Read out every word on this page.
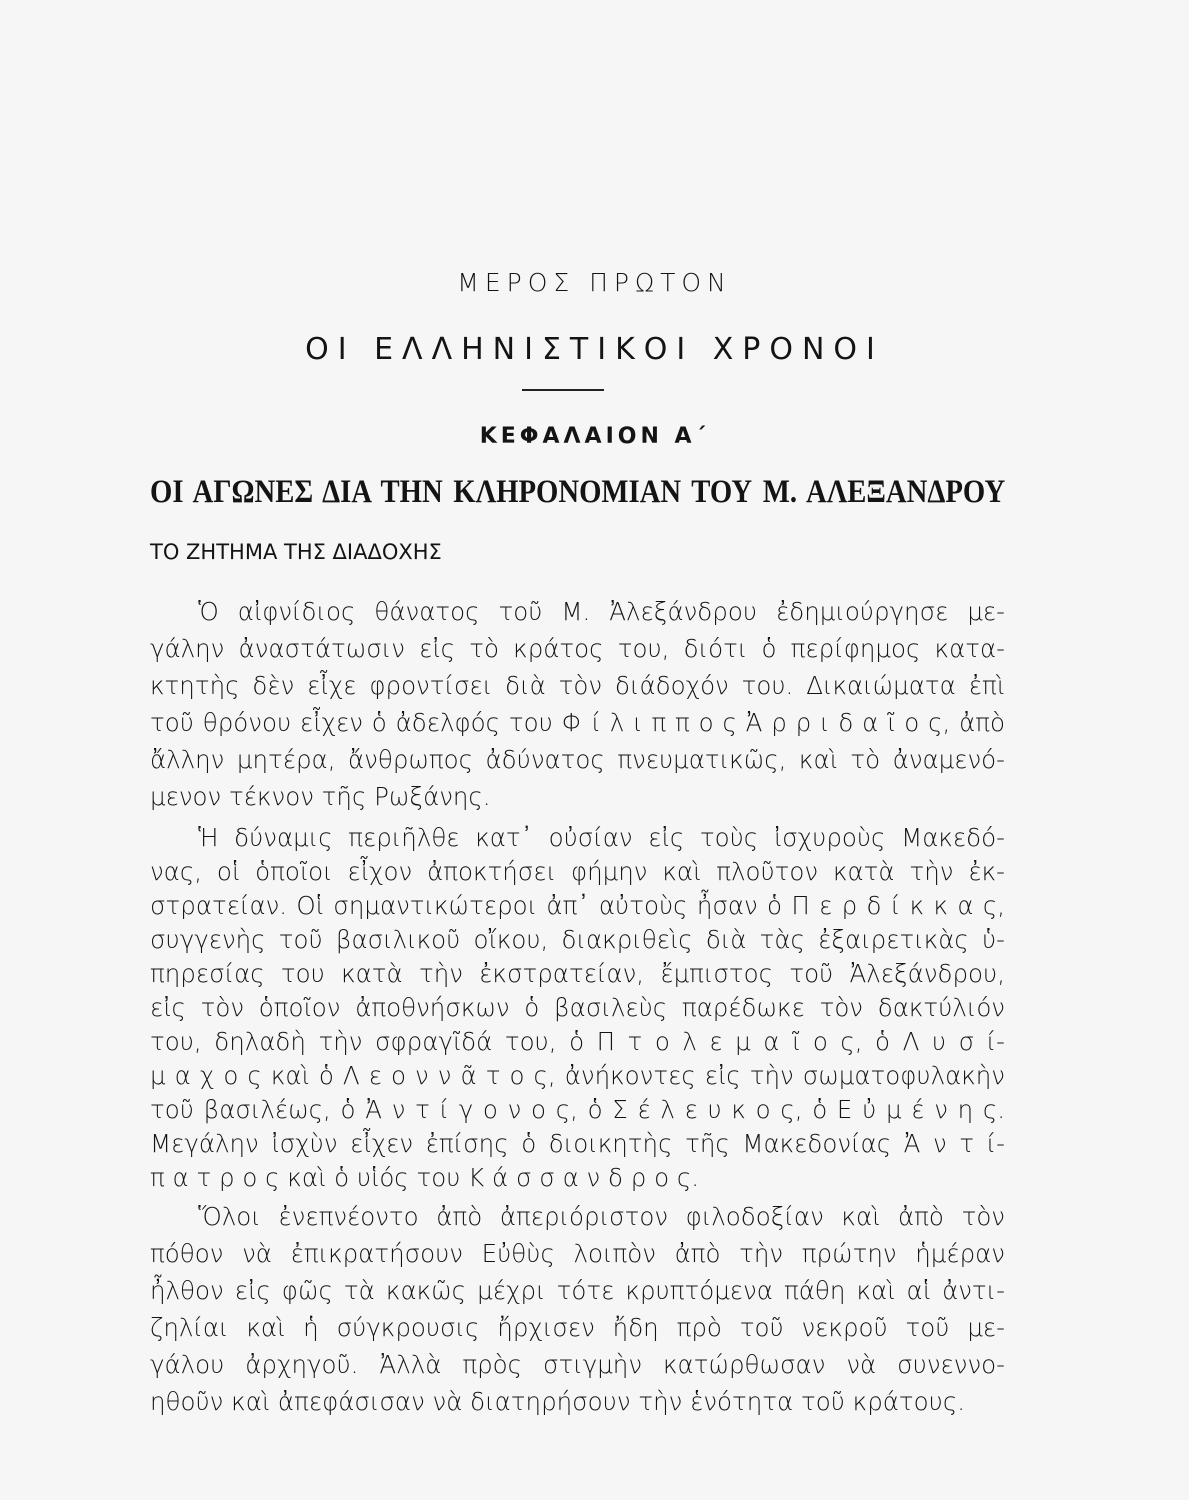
ΜΕΡΟΣ ΠΡΩΤΟΝ
ΟΙ ΕΛΛΗΝΙΣΤΙΚΟΙ ΧΡΟΝΟΙ
ΚΕΦΑΛΑΙΟΝ Α΄
ΟΙ ΑΓΩΝΕΣ ΔΙΑ ΤΗΝ ΚΛΗΡΟΝΟΜΙΑΝ ΤΟΥ Μ. ΑΛΕΞΑΝΔΡΟΥ
ΤΟ ΖΗΤΗΜΑ ΤΗΣ ΔΙΑΔΟΧΗΣ
Ὁ αἰφνίδιος θάνατος τοῦ Μ. Ἀλεξάνδρου ἐδημιούργησε με-
γάλην ἀναστάτωσιν εἰς τὸ κράτος του, διότι ὁ περίφημος κατα-
κτητὴς δὲν εἶχε φροντίσει διὰ τὸν διάδοχόν του. Δικαιώματα ἐπὶ
τοῦ θρόνου εἶχεν ὁ ἀδελφός του Φ ί λ ι π π ο ς Ἀ ρ ρ ι δ α ῖ ο ς, ἀπὸ
ἄλλην μητέρα, ἄνθρωπος ἀδύνατος πνευματικῶς, καὶ τὸ ἀναμενό-
μενον τέκνον τῆς Ρωξάνης.
Ἡ δύναμις περιῆλθε κατ᾽ οὐσίαν εἰς τοὺς ἰσχυροὺς Μακεδό-
νας, οἱ ὁποῖοι εἶχον ἀποκτήσει φήμην καὶ πλοῦτον κατὰ τὴν ἐκ-
στρατείαν. Οἱ σημαντικώτεροι ἀπ᾽ αὐτοὺς ἦσαν ὁ Π ε ρ δ ί κ κ α ς,
συγγενὴς τοῦ βασιλικοῦ οἴκου, διακριθεὶς διὰ τὰς ἐξαιρετικὰς ὑ-
πηρεσίας του κατὰ τὴν ἐκστρατείαν, ἔμπιστος τοῦ Ἀλεξάνδρου,
εἰς τὸν ὁποῖον ἀποθνήσκων ὁ βασιλεὺς παρέδωκε τὸν δακτύλιόν
του, δηλαδὴ τὴν σφραγῖδά του, ὁ Π τ ο λ ε μ α ῖ ο ς, ὁ Λ υ σ ί-
μ α χ ο ς καὶ ὁ Λ ε ο ν ν ᾶ τ ο ς, ἀνήκοντες εἰς τὴν σωματοφυλακὴν
τοῦ βασιλέως, ὁ Ἀ ν τ ί γ ο ν ο ς, ὁ Σ έ λ ε υ κ ο ς, ὁ Ε ὐ μ έ ν η ς.
Μεγάλην ἰσχὺν εἶχεν ἐπίσης ὁ διοικητὴς τῆς Μακεδονίας Ἀ ν τ ί-
π α τ ρ ο ς καὶ ὁ υἱός του Κ ά σ σ α ν δ ρ ο ς.
Ὅλοι ἐνεπνέοντο ἀπὸ ἀπεριόριστον φιλοδοξίαν καὶ ἀπὸ τὸν
πόθον νὰ ἐπικρατήσουν Εὐθὺς λοιπὸν ἀπὸ τὴν πρώτην ἡμέραν
ἦλθον εἰς φῶς τὰ κακῶς μέχρι τότε κρυπτόμενα πάθη καὶ αἱ ἀντι-
ζηλίαι καὶ ἡ σύγκρουσις ἤρχισεν ἤδη πρὸ τοῦ νεκροῦ τοῦ με-
γάλου ἀρχηγοῦ. Ἀλλὰ πρὸς στιγμὴν κατώρθωσαν νὰ συνεννο-
ηθοῦν καὶ ἀπεφάσισαν νὰ διατηρήσουν τὴν ἑνότητα τοῦ κράτους.
